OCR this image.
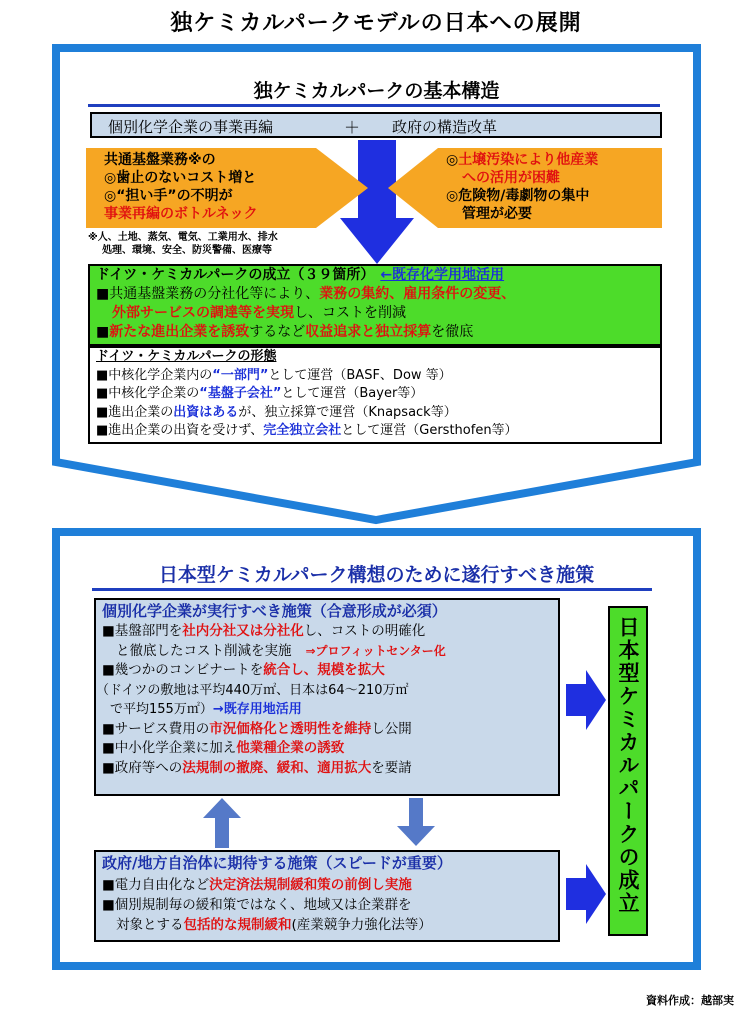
独ケミカルパークモデルの日本への展開
独ケミカルパークの基本構造
個別化学企業の事業再編	＋ 政府の構造改革
共通基盤業務※の
◎歯止のないコスト増と
◎“担い手”の不明が
事業再編のボトルネック
◎土壌汚染により他産業
への活用が困難
◎危険物/毒劇物の集中
管理が必要
※人、土地、蒸気、電気、工業用水、排水
処理、環境、安全、防災警備、医療等
ドイツ・ケミカルパークの成立（３９箇所） ←既存化学用地活用
■共通基盤業務の分社化等により、業務の集約、雇用条件の変更、
外部サービスの調達等を実現し、コストを削減
■新たな進出企業を誘致するなど収益追求と独立採算を徹底
ドイツ・ケミカルパークの形態
■中核化学企業内の“一部門”として運営（BASF、Dow 等）
■中核化学企業の“基盤子会社”として運営（Bayer等）
■進出企業の出資はあるが、独立採算で運営（Knapsack等）
■進出企業の出資を受けず、完全独立会社として運営（Gersthofen等）
日本型ケミカルパーク構想のために遂行すべき施策
個別化学企業が実行すべき施策（合意形成が必須）
■基盤部門を社内分社又は分社化し、コストの明確化
と徹底したコスト削減を実施 ⇒プロフィットセンター化
■幾つかのコンビナートを統合し、規模を拡大
（ドイツの敷地は平均440万㎡、日本は64～210万㎡
で平均155万㎡）→既存用地活用
■サービス費用の市況価格化と透明性を維持し公開
■中小化学企業に加え他業種企業の誘致
■政府等への法規制の撤廃、緩和、適用拡大を要請
政府/地方自治体に期待する施策（スピードが重要）
■電力自由化など決定済法規制緩和策の前倒し実施
■個別規制毎の緩和策ではなく、地域又は企業群を
対象とする包括的な規制緩和(産業競争力強化法等）
日本型ケミカルパークの成立
資料作成：越部実
